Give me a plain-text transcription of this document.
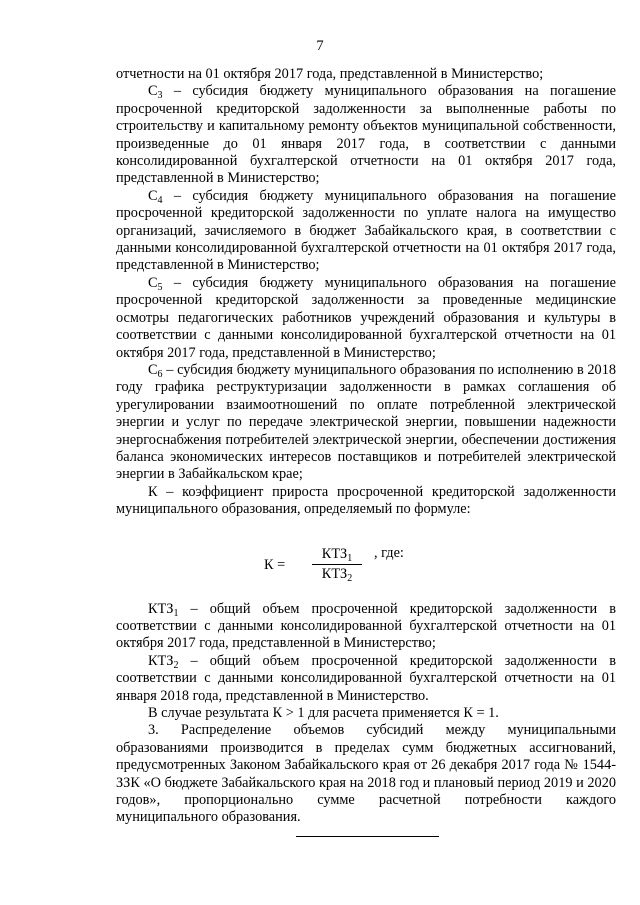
7

отчетности на 01 октября 2017 года, представленной в Министерство;

$С_3$ – субсидия бюджету муниципального образования на погашение просроченной кредиторской задолженности за выполненные работы по строительству и капитальному ремонту объектов муниципальной собственности, произведенные до 01 января 2017 года, в соответствии с данными консолидированной бухгалтерской отчетности на 01 октября 2017 года, представленной в Министерство;

$С_4$ – субсидия бюджету муниципального образования на погашение просроченной кредиторской задолженности по уплате налога на имущество организаций, зачисляемого в бюджет Забайкальского края, в соответствии с данными консолидированной бухгалтерской отчетности на 01 октября 2017 года, представленной в Министерство;

$С_5$ – субсидия бюджету муниципального образования на погашение просроченной кредиторской задолженности за проведенные медицинские осмотры педагогических работников учреждений образования и культуры в соответствии с данными консолидированной бухгалтерской отчетности на 01 октября 2017 года, представленной в Министерство;

$С_6$ – субсидия бюджету муниципального образования по исполнению в 2018 году графика реструктуризации задолженности в рамках соглашения об урегулировании взаимоотношений по оплате потребленной электрической энергии и услуг по передаче электрической энергии, повышении надежности энергоснабжения потребителей электрической энергии, обеспечении достижения баланса экономических интересов поставщиков и потребителей электрической энергии в Забайкальском крае;

К – коэффициент прироста просроченной кредиторской задолженности муниципального образования, определяемый по формуле:

К =
$КТЗ_1$
$КТЗ_2$
, где:

$КТЗ_1$ – общий объем просроченной кредиторской задолженности в соответствии с данными консолидированной бухгалтерской отчетности на 01 октября 2017 года, представленной в Министерство;

$КТЗ_2$ – общий объем просроченной кредиторской задолженности в соответствии с данными консолидированной бухгалтерской отчетности на 01 января 2018 года, представленной в Министерство.

В случае результата К > 1 для расчета применяется К = 1.

3. Распределение объемов субсидий между муниципальными образованиями производится в пределах сумм бюджетных ассигнований, предусмотренных Законом Забайкальского края от 26 декабря 2017 года № 1544-ЗЗК «О бюджете Забайкальского края на 2018 год и плановый период 2019 и 2020 годов», пропорционально сумме расчетной потребности каждого муниципального образования.
